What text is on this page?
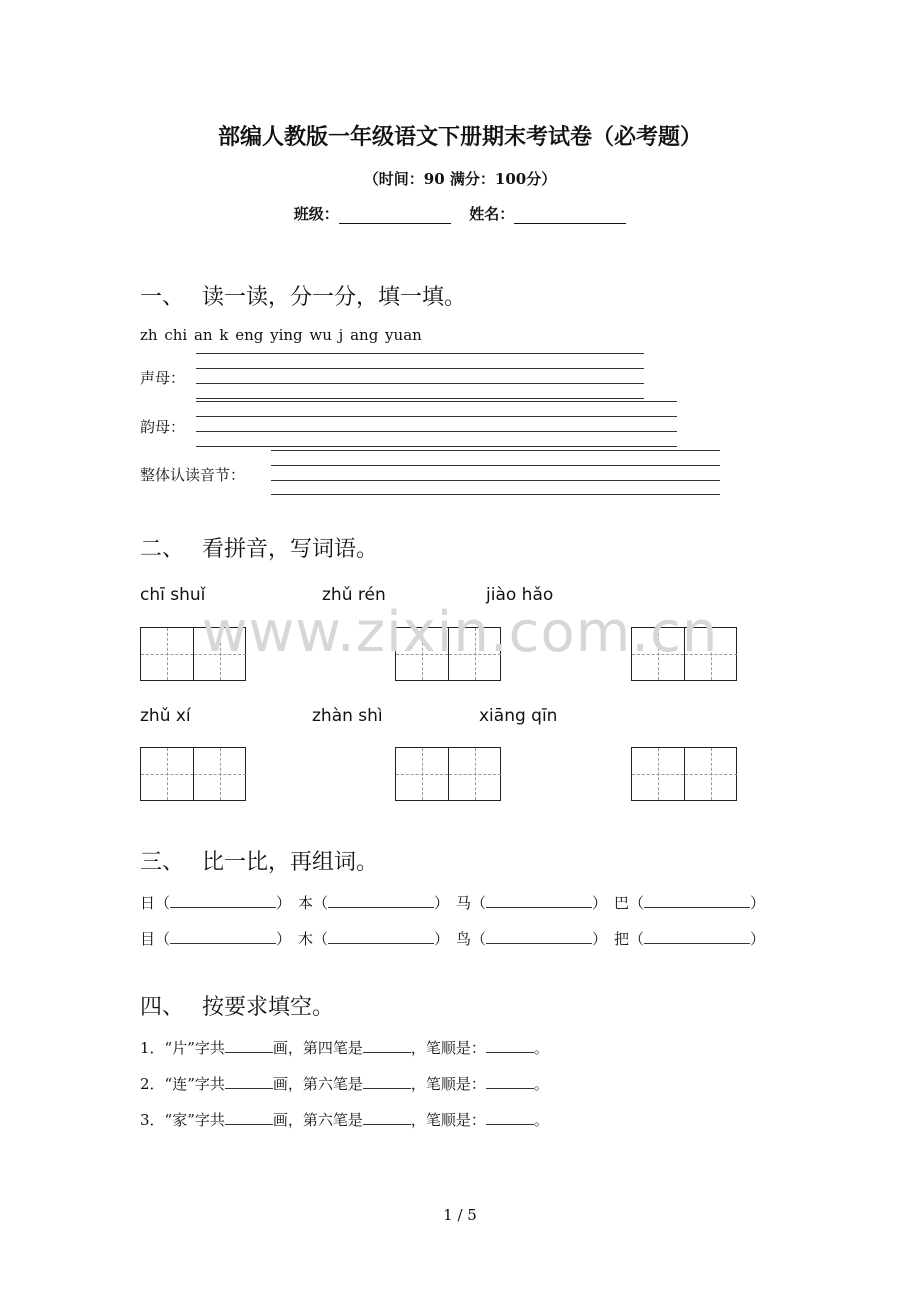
部编人教版一年级语文下册期末考试卷（必考题）
（时间：90 满分：100分）
班级：	姓名：
一、 读一读，分一分，填一填。
zh chi an k eng ying wu j ang yuan
声母：
韵母：
整体认读音节：
二、 看拼音，写词语。
chī shuǐ	zhǔ rén	jiào hǎo
zhǔ xí	zhàn shì	xiāng qīn
www.zixin.com.cn
三、 比一比，再组词。
日（	） 本（	） 马（	） 巴（	）
目（	） 木（	） 鸟（	） 把（	）
四、 按要求填空。
1．“片”字共	画，第四笔是	，笔顺是：	。
2．“连”字共	画，第六笔是	，笔顺是：	。
3．“家”字共	画，第六笔是	，笔顺是：	。
1 / 5
